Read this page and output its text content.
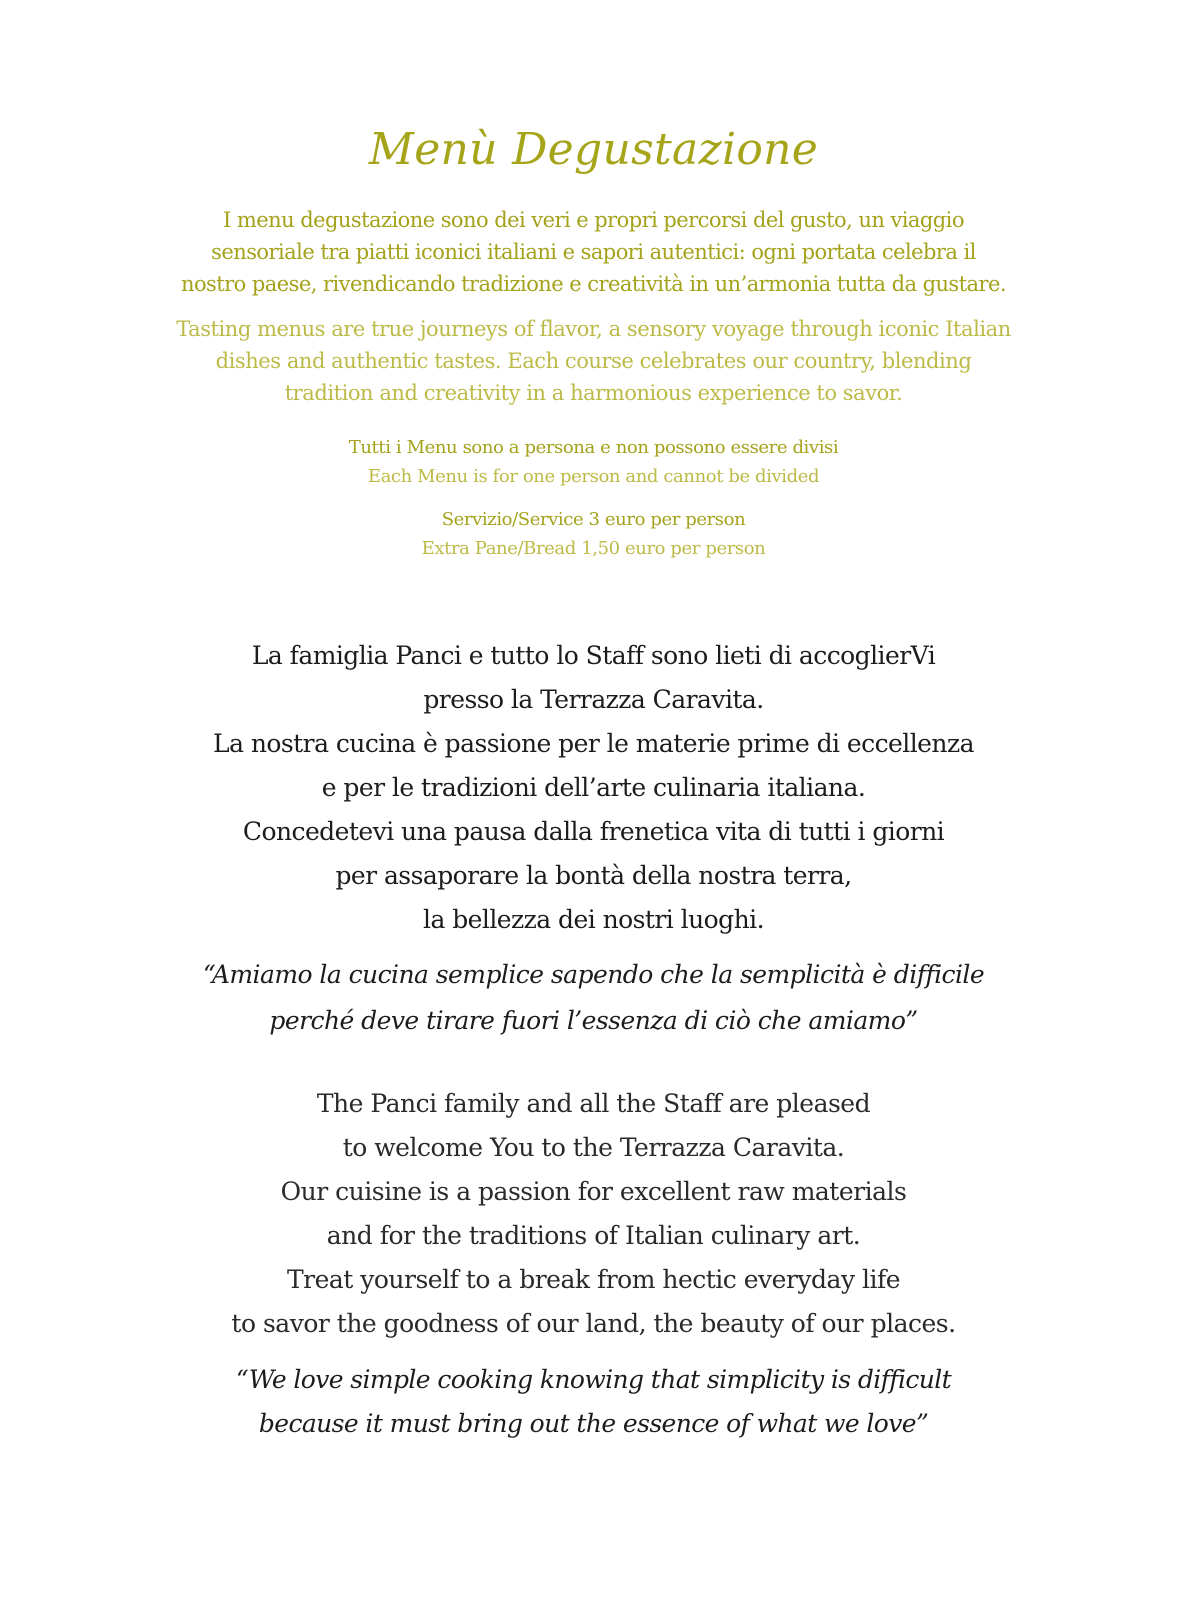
Menù Degustazione
I menu degustazione sono dei veri e propri percorsi del gusto, un viaggio
sensoriale tra piatti iconici italiani e sapori autentici: ogni portata celebra il
nostro paese, rivendicando tradizione e creatività in un’armonia tutta da gustare.
Tasting menus are true journeys of flavor, a sensory voyage through iconic Italian
dishes and authentic tastes. Each course celebrates our country, blending
tradition and creativity in a harmonious experience to savor.
Tutti i Menu sono a persona e non possono essere divisi
Each Menu is for one person and cannot be divided
Servizio/Service 3 euro per person
Extra Pane/Bread 1,50 euro per person
La famiglia Panci e tutto lo Staff sono lieti di accoglierVi
presso la Terrazza Caravita.
La nostra cucina è passione per le materie prime di eccellenza
e per le tradizioni dell’arte culinaria italiana.
Concedetevi una pausa dalla frenetica vita di tutti i giorni
per assaporare la bontà della nostra terra,
la bellezza dei nostri luoghi.
“Amiamo la cucina semplice sapendo che la semplicità è difficile
perché deve tirare fuori l’essenza di ciò che amiamo”
The Panci family and all the Staff are pleased
to welcome You to the Terrazza Caravita.
Our cuisine is a passion for excellent raw materials
and for the traditions of Italian culinary art.
Treat yourself to a break from hectic everyday life
to savor the goodness of our land, the beauty of our places.
“We love simple cooking knowing that simplicity is difficult
because it must bring out the essence of what we love”
